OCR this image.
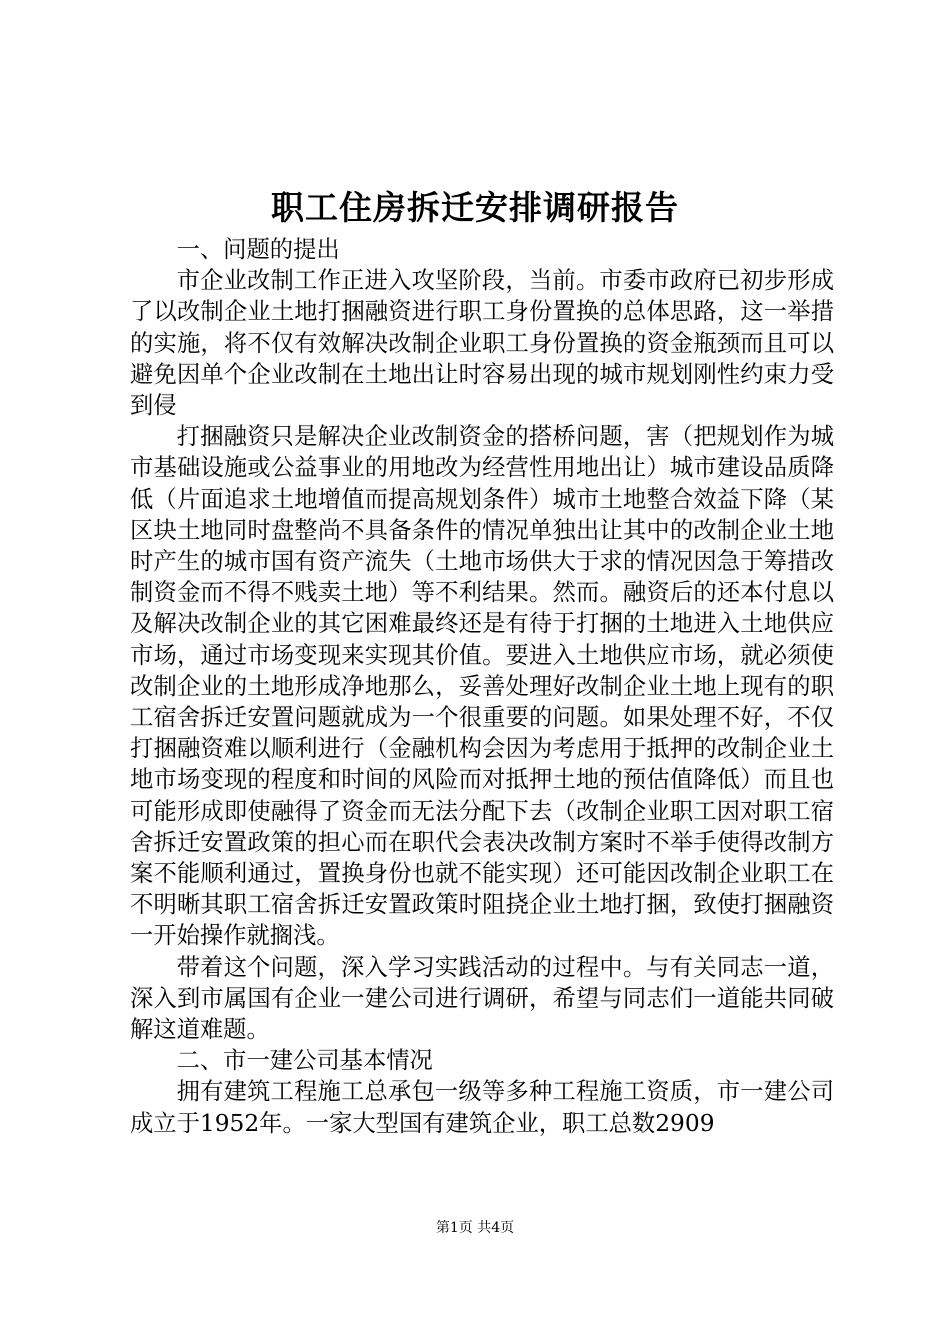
职工住房拆迁安排调研报告

一、问题的提出

市企业改制工作正进入攻坚阶段，当前。市委市政府已初步形成了以改制企业土地打捆融资进行职工身份置换的总体思路，这一举措的实施，将不仅有效解决改制企业职工身份置换的资金瓶颈而且可以避免因单个企业改制在土地出让时容易出现的城市规划刚性约束力受到侵

打捆融资只是解决企业改制资金的搭桥问题，害（把规划作为城市基础设施或公益事业的用地改为经营性用地出让）城市建设品质降低（片面追求土地增值而提高规划条件）城市土地整合效益下降（某区块土地同时盘整尚不具备条件的情况单独出让其中的改制企业土地时产生的城市国有资产流失（土地市场供大于求的情况因急于筹措改制资金而不得不贱卖土地）等不利结果。然而。融资后的还本付息以及解决改制企业的其它困难最终还是有待于打捆的土地进入土地供应市场，通过市场变现来实现其价值。要进入土地供应市场，就必须使改制企业的土地形成净地那么，妥善处理好改制企业土地上现有的职工宿舍拆迁安置问题就成为一个很重要的问题。如果处理不好，不仅打捆融资难以顺利进行（金融机构会因为考虑用于抵押的改制企业土地市场变现的程度和时间的风险而对抵押土地的预估值降低）而且也可能形成即使融得了资金而无法分配下去（改制企业职工因对职工宿舍拆迁安置政策的担心而在职代会表决改制方案时不举手使得改制方案不能顺利通过，置换身份也就不能实现）还可能因改制企业职工在不明晰其职工宿舍拆迁安置政策时阻挠企业土地打捆，致使打捆融资一开始操作就搁浅。

带着这个问题，深入学习实践活动的过程中。与有关同志一道，深入到市属国有企业一建公司进行调研，希望与同志们一道能共同破解这道难题。

二、市一建公司基本情况

拥有建筑工程施工总承包一级等多种工程施工资质，市一建公司成立于1952年。一家大型国有建筑企业，职工总数2909

第1页 共4页
